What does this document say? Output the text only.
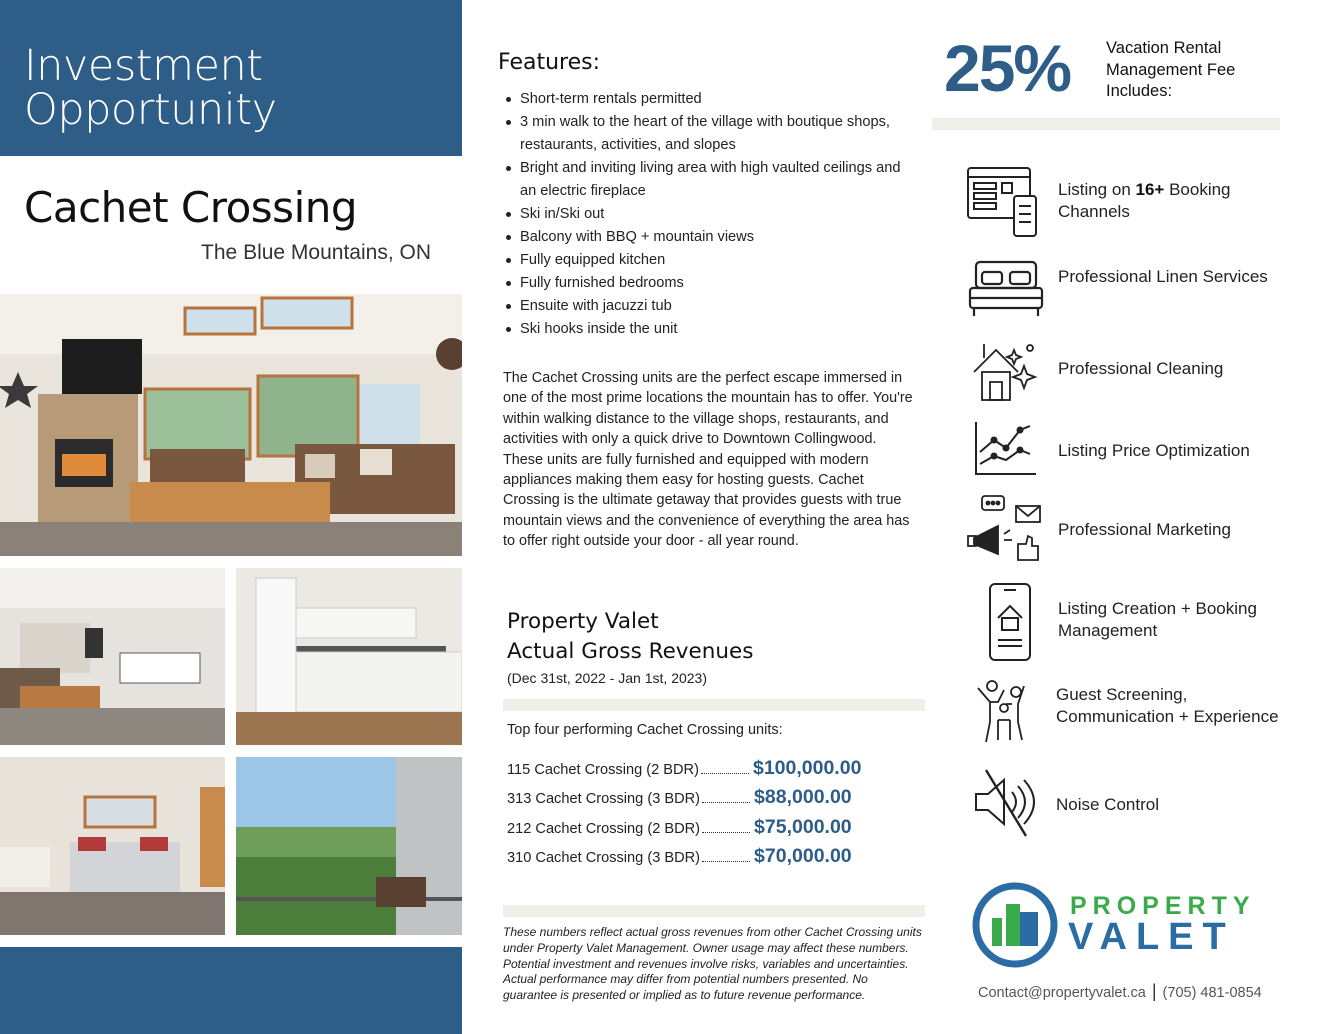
Investment
Opportunity
Cachet Crossing
The Blue Mountains, ON
Features:
Short-term rentals permitted
3 min walk to the heart of the village with boutique shops, restaurants, activities, and slopes
Bright and inviting living area with high vaulted ceilings and an electric fireplace
Ski in/Ski out
Balcony with BBQ + mountain views
Fully equipped kitchen
Fully furnished bedrooms
Ensuite with jacuzzi tub
Ski hooks inside the unit
The Cachet Crossing units are the perfect escape immersed in one of the most prime locations the mountain has to offer. You're within walking distance to the village shops, restaurants, and activities with only a quick drive to Downtown Collingwood. These units are fully furnished and equipped with modern appliances making them easy for hosting guests. Cachet Crossing is the ultimate getaway that provides guests with true mountain views and the convenience of everything the area has to offer right outside your door - all year round.
Property Valet
Actual Gross Revenues
(Dec 31st, 2022 - Jan 1st, 2023)
Top four performing Cachet Crossing units:
115 Cachet Crossing (2 BDR)	$100,000.00
313 Cachet Crossing (3 BDR)	$88,000.00
212 Cachet Crossing (2 BDR)	$75,000.00
310 Cachet Crossing (3 BDR)	$70,000.00
These numbers reflect actual gross revenues from other Cachet Crossing units under Property Valet Management. Owner usage may affect these numbers. Potential investment and revenues involve risks, variables and uncertainties. Actual performance may differ from potential numbers presented. No guarantee is presented or implied as to future revenue performance.
25% Vacation Rental Management Fee Includes:
Listing on 16+ Booking Channels
Professional Linen Services
Professional Cleaning
Listing Price Optimization
Professional Marketing
Listing Creation + Booking Management
Guest Screening, Communication + Experience
Noise Control
PROPERTY
VALET
Contact@propertyvalet.ca | (705) 481-0854
